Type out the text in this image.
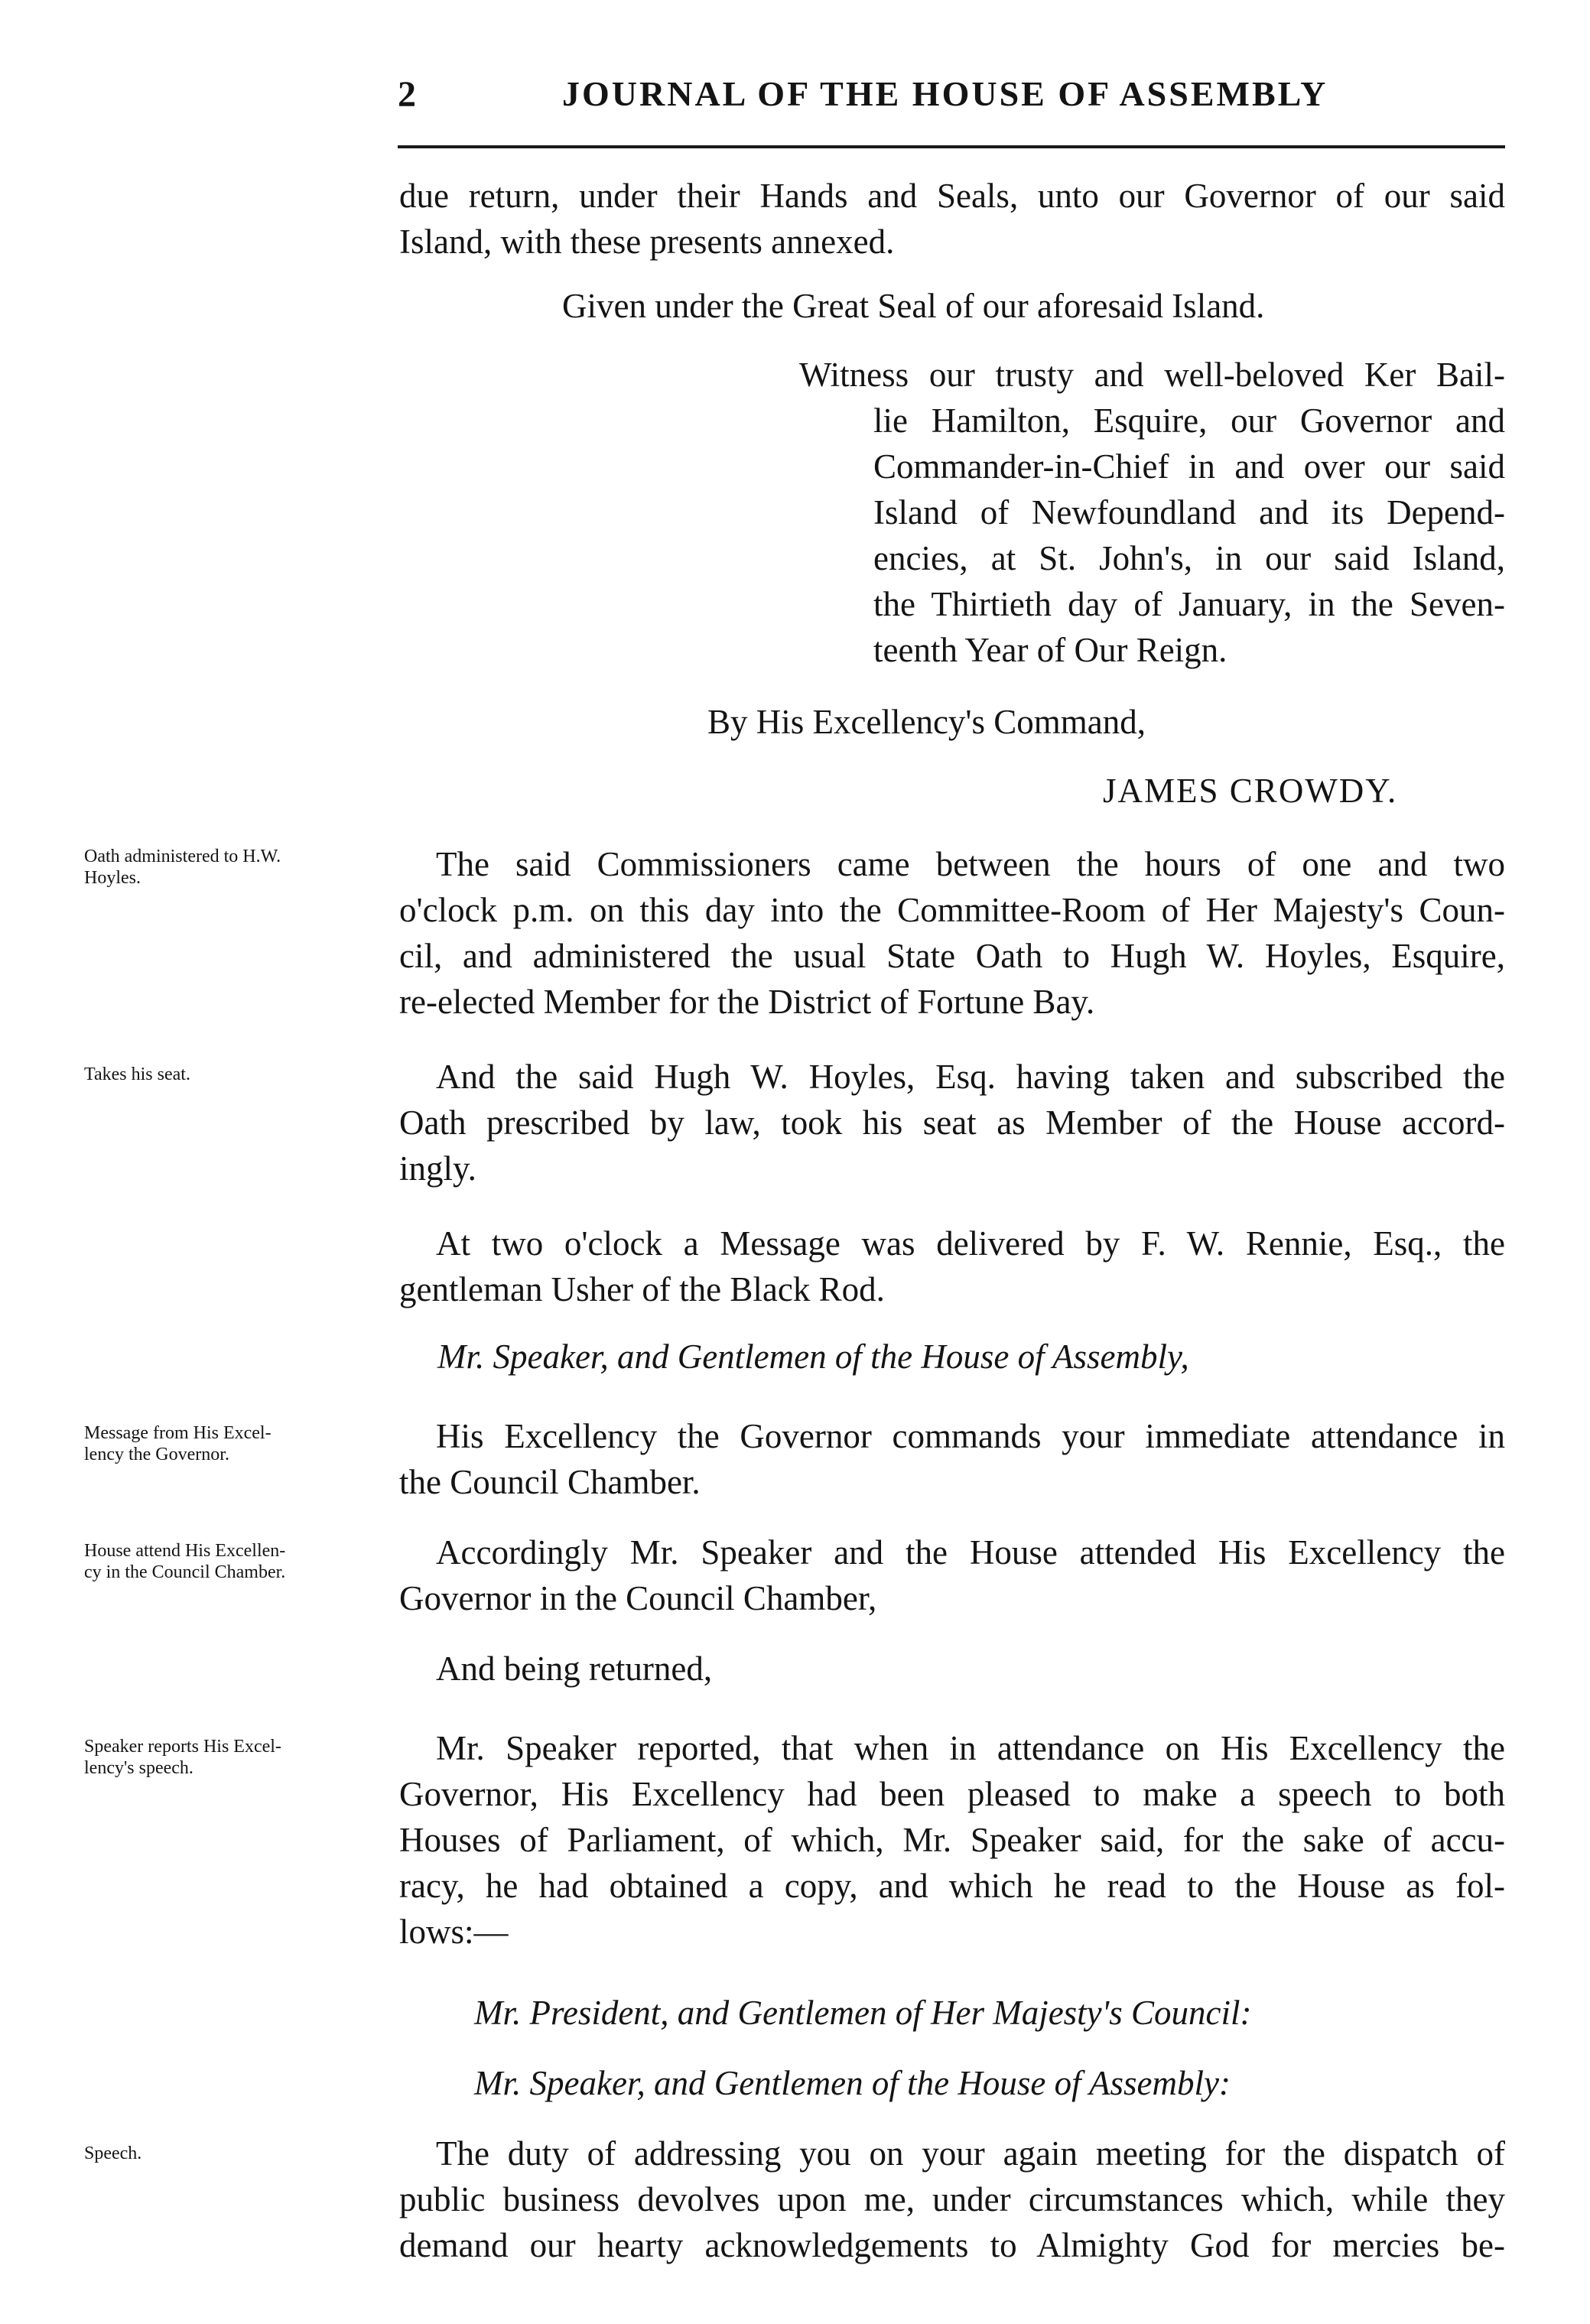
2	JOURNAL OF THE HOUSE OF ASSEMBLY
due return, under their Hands and Seals, unto our Governor of our said
Island, with these presents annexed.
Given under the Great Seal of our aforesaid Island.
Witness our trusty and well-beloved Ker Bail-
lie Hamilton, Esquire, our Governor and
Commander-in-Chief in and over our said
Island of Newfoundland and its Depend-
encies, at St. John's, in our said Island,
the Thirtieth day of January, in the Seven-
teenth Year of Our Reign.
By His Excellency's Command,
JAMES CROWDY.
Oath administered to H.W.
Hoyles.
Takes his seat.
Message from His Excel-
lency the Governor.
House attend His Excellen-
cy in the Council Chamber.
Speaker reports His Excel-
lency's speech.
Speech.
The said Commissioners came between the hours of one and two
o'clock p.m. on this day into the Committee-Room of Her Majesty's Coun-
cil, and administered the usual State Oath to Hugh W. Hoyles, Esquire,
re-elected Member for the District of Fortune Bay.
And the said Hugh W. Hoyles, Esq. having taken and subscribed the
Oath prescribed by law, took his seat as Member of the House accord-
ingly.
At two o'clock a Message was delivered by F. W. Rennie, Esq., the
gentleman Usher of the Black Rod.
Mr. Speaker, and Gentlemen of the House of Assembly,
His Excellency the Governor commands your immediate attendance in
the Council Chamber.
Accordingly Mr. Speaker and the House attended His Excellency the
Governor in the Council Chamber,
And being returned,
Mr. Speaker reported, that when in attendance on His Excellency the
Governor, His Excellency had been pleased to make a speech to both
Houses of Parliament, of which, Mr. Speaker said, for the sake of accu-
racy, he had obtained a copy, and which he read to the House as fol-
lows:—
Mr. President, and Gentlemen of Her Majesty's Council:
Mr. Speaker, and Gentlemen of the House of Assembly:
The duty of addressing you on your again meeting for the dispatch of
public business devolves upon me, under circumstances which, while they
demand our hearty acknowledgements to Almighty God for mercies be-
